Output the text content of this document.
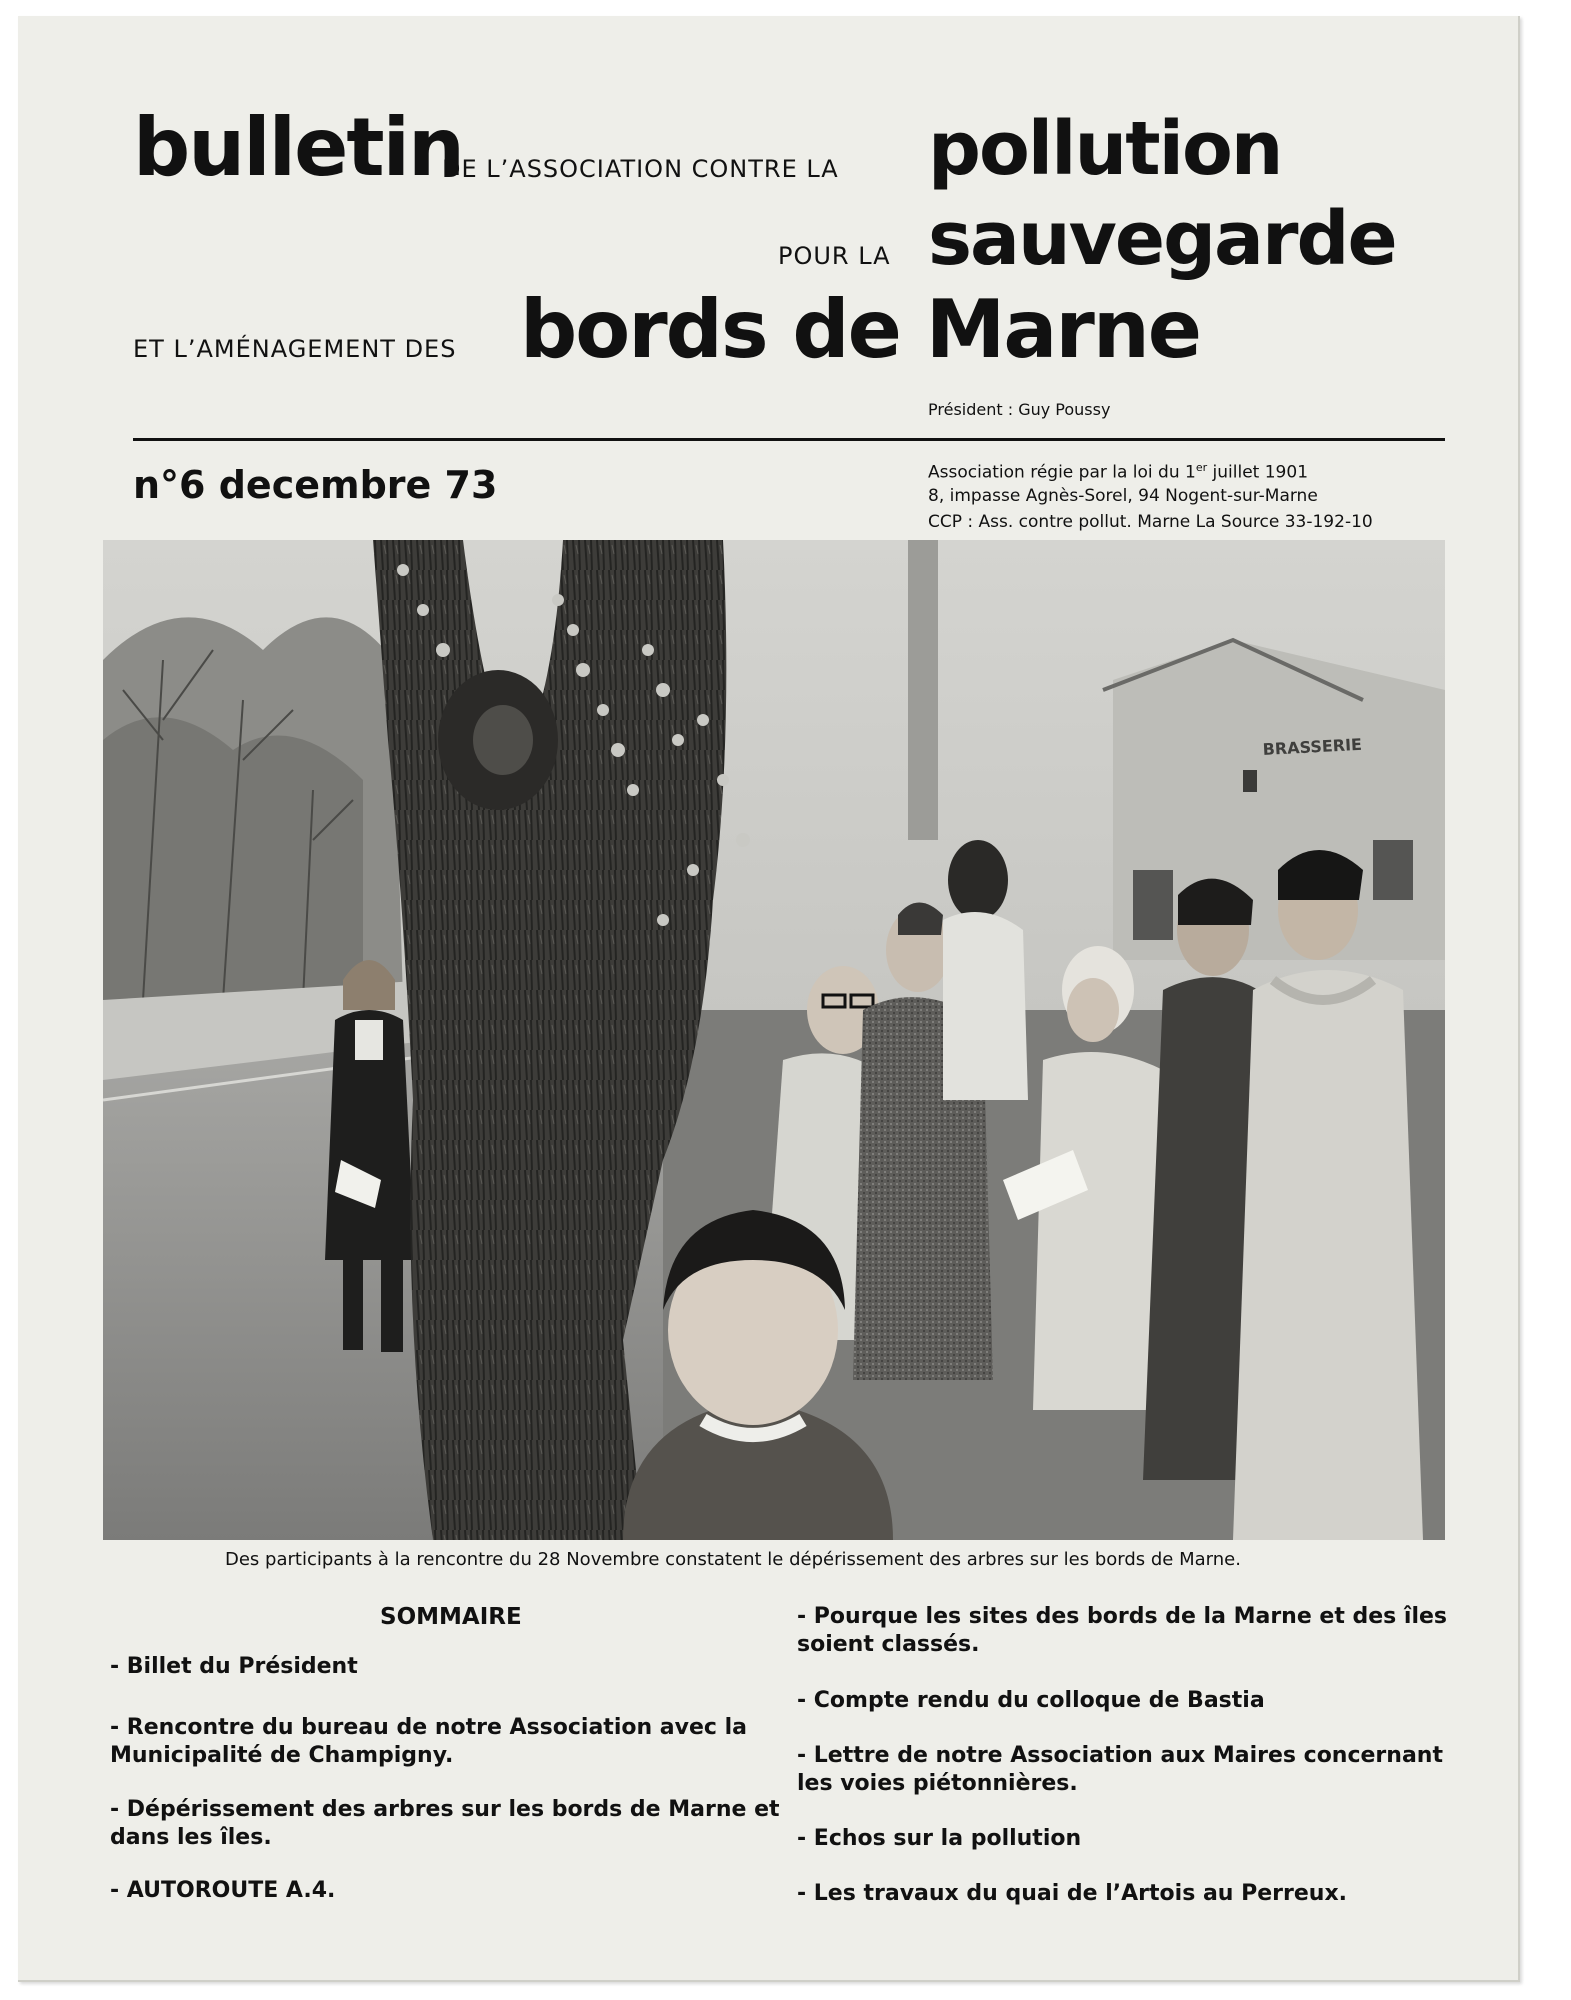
bulletin
DE L’ASSOCIATION CONTRE LA pollution
POUR LA sauvegarde
ET L’AMÉNAGEMENT DES bords de Marne
Président : Guy Poussy
n°6 decembre 73	Association régie par la loi du 1er juillet 1901
8, impasse Agnès-Sorel, 94 Nogent-sur-Marne
CCP : Ass. contre pollut. Marne La Source 33-192-10
BRASSERIE
Des participants à la rencontre du 28 Novembre constatent le dépérissement des arbres sur les bords de Marne.
SOMMAIRE
- Billet du Président
- Rencontre du bureau de notre Association avec la Municipalité de Champigny.
- Dépérissement des arbres sur les bords de Marne et dans les îles.
- AUTOROUTE A.4.
- Pourque les sites des bords de la Marne et des îles soient classés.
- Compte rendu du colloque de Bastia
- Lettre de notre Association aux Maires concernant les voies piétonnières.
- Echos sur la pollution
- Les travaux du quai de l’Artois au Perreux.
